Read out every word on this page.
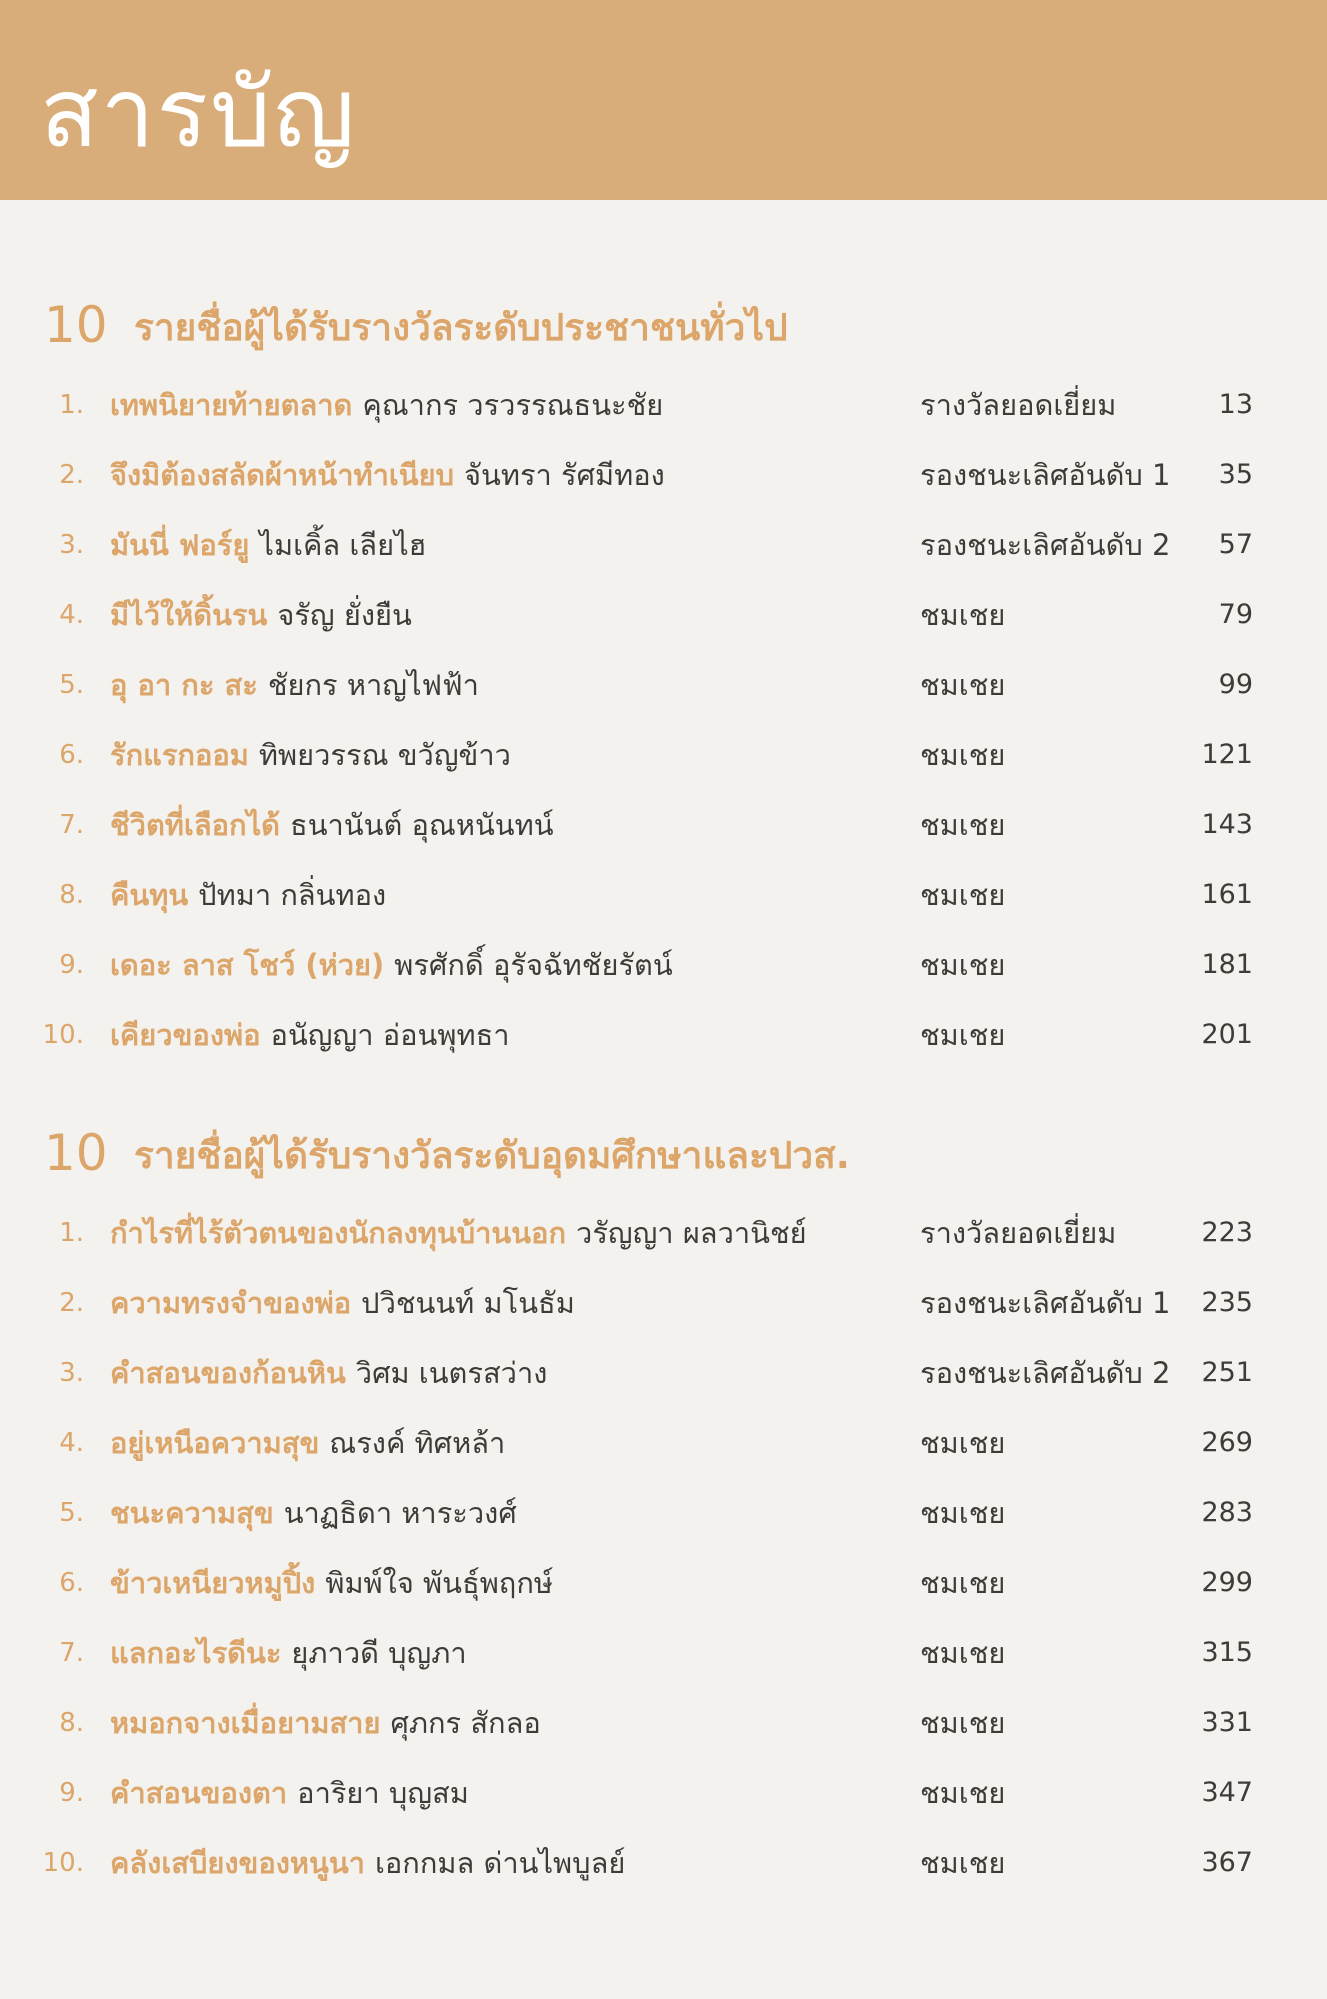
สารบัญ
10 รายชื่อผู้ได้รับรางวัลระดับประชาชนทั่วไป
1. เทพนิยายท้ายตลาด คุณากร วรวรรณธนะชัย	รางวัลยอดเยี่ยม	13
2. จึงมิต้องสลัดผ้าหน้าทำเนียบ จันทรา รัศมีทอง	รองชนะเลิศอันดับ 1	35
3. มันนี่ ฟอร์ยู ไมเคิ้ล เลียไฮ	รองชนะเลิศอันดับ 2	57
4. มีไว้ให้ดิ้นรน จรัญ ยั่งยืน	ชมเชย	79
5. อุ อา กะ สะ ชัยกร หาญไฟฟ้า	ชมเชย	99
6. รักแรกออม ทิพยวรรณ ขวัญข้าว	ชมเชย	121
7. ชีวิตที่เลือกได้ ธนานันต์ อุณหนันทน์	ชมเชย	143
8. คืนทุน ปัทมา กลิ่นทอง	ชมเชย	161
9. เดอะ ลาส โชว์ (ห่วย) พรศักดิ์ อุรัจฉัทชัยรัตน์	ชมเชย	181
10. เคียวของพ่อ อนัญญา อ่อนพุทธา	ชมเชย	201
10 รายชื่อผู้ได้รับรางวัลระดับอุดมศึกษาและปวส.
1. กำไรที่ไร้ตัวตนของนักลงทุนบ้านนอก วรัญญา ผลวานิชย์	รางวัลยอดเยี่ยม	223
2. ความทรงจำของพ่อ ปวิชนนท์ มโนธัม	รองชนะเลิศอันดับ 1	235
3. คำสอนของก้อนหิน วิศม เนตรสว่าง	รองชนะเลิศอันดับ 2	251
4. อยู่เหนือความสุข ณรงค์ ทิศหล้า	ชมเชย	269
5. ชนะความสุข นาฏธิดา หาระวงศ์	ชมเชย	283
6. ข้าวเหนียวหมูปิ้ง พิมพ์ใจ พันธุ์พฤกษ์	ชมเชย	299
7. แลกอะไรดีนะ ยุภาวดี บุญภา	ชมเชย	315
8. หมอกจางเมื่อยามสาย ศุภกร สักลอ	ชมเชย	331
9. คำสอนของตา อาริยา บุญสม	ชมเชย	347
10. คลังเสบียงของหนูนา เอกกมล ด่านไพบูลย์	ชมเชย	367
